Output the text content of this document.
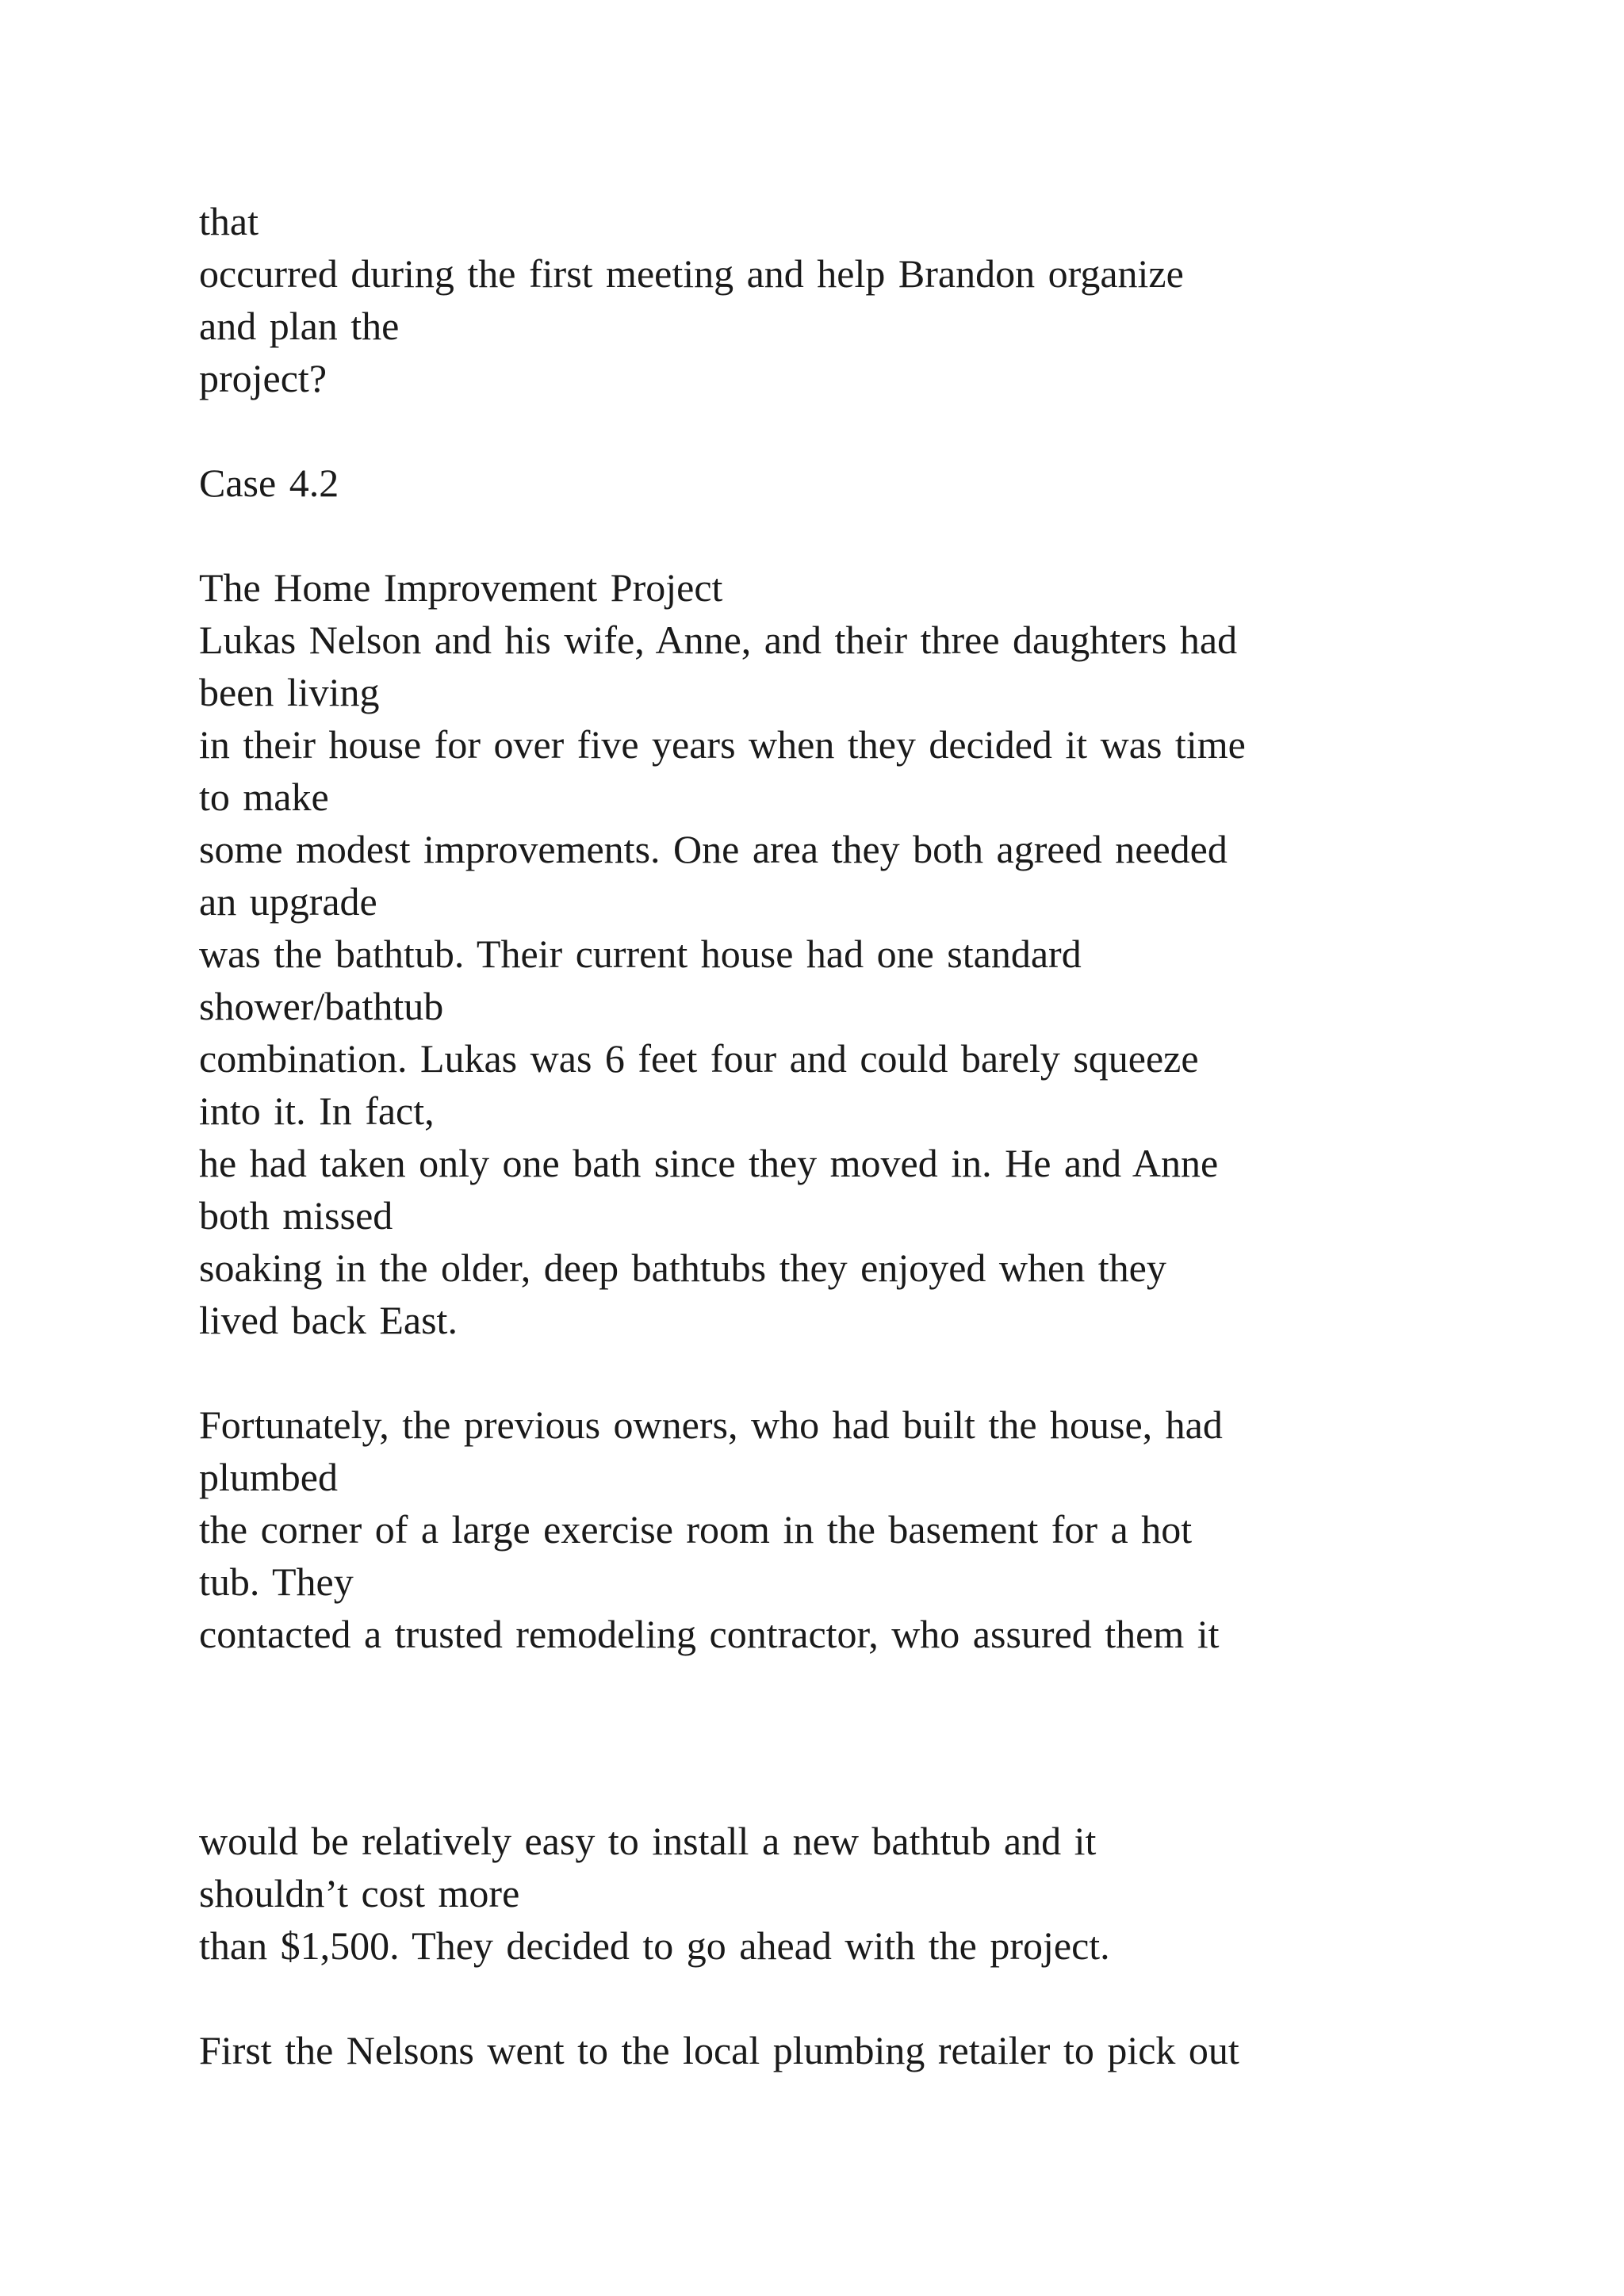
that

occurred during the first meeting and help Brandon organize

and plan the

project?

Case 4.2

The Home Improvement Project

Lukas Nelson and his wife, Anne, and their three daughters had

been living

in their house for over five years when they decided it was time

to make

some modest improvements. One area they both agreed needed

an upgrade

was the bathtub. Their current house had one standard

shower/bathtub

combination. Lukas was 6 feet four and could barely squeeze

into it. In fact,

he had taken only one bath since they moved in. He and Anne

both missed

soaking in the older, deep bathtubs they enjoyed when they

lived back East.

Fortunately, the previous owners, who had built the house, had

plumbed

the corner of a large exercise room in the basement for a hot

tub. They

contacted a trusted remodeling contractor, who assured them it

would be relatively easy to install a new bathtub and it

shouldn’t cost more

than $1,500. They decided to go ahead with the project.

First the Nelsons went to the local plumbing retailer to pick out
